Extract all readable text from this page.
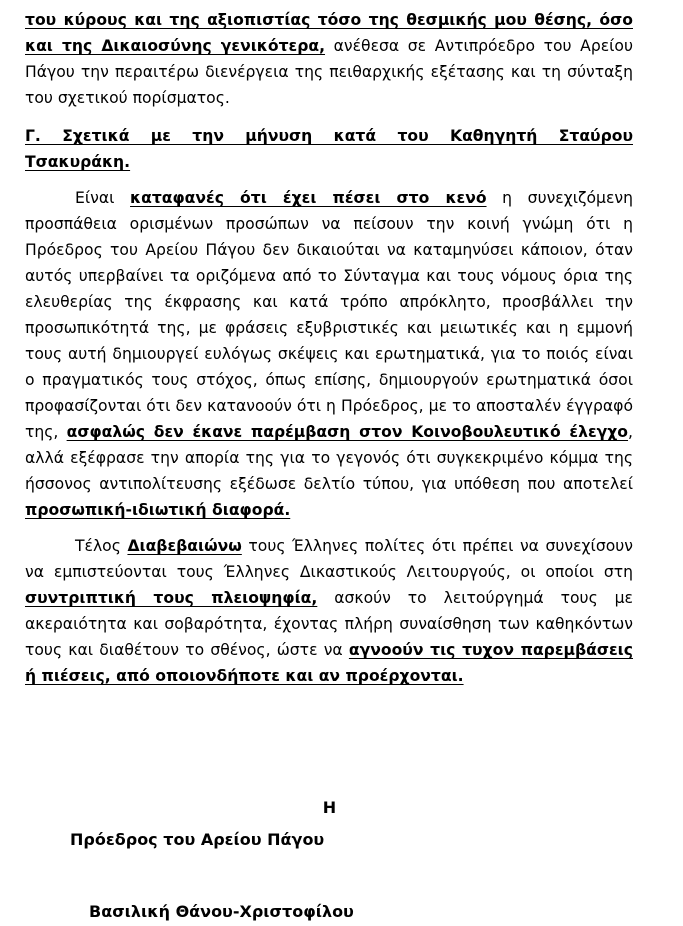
του κύρους και της αξιοπιστίας τόσο της θεσμικής μου θέσης, όσο και της Δικαιοσύνης γενικότερα, ανέθεσα σε Αντιπρόεδρο του Αρείου Πάγου την περαιτέρω διενέργεια της πειθαρχικής εξέτασης και τη σύνταξη του σχετικού πορίσματος.

Γ. Σχετικά με την μήνυση κατά του Καθηγητή Σταύρου Τσακυράκη.

Είναι καταφανές ότι έχει πέσει στο κενό η συνεχιζόμενη προσπάθεια ορισμένων προσώπων να πείσουν την κοινή γνώμη ότι η Πρόεδρος του Αρείου Πάγου δεν δικαιούται να καταμηνύσει κάποιον, όταν αυτός υπερβαίνει τα οριζόμενα από το Σύνταγμα και τους νόμους όρια της ελευθερίας της έκφρασης και κατά τρόπο απρόκλητο, προσβάλλει την προσωπικότητά της, με φράσεις εξυβριστικές και μειωτικές και η εμμονή τους αυτή δημιουργεί ευλόγως σκέψεις και ερωτηματικά, για το ποιός είναι ο πραγματικός τους στόχος, όπως επίσης, δημιουργούν ερωτηματικά όσοι προφασίζονται ότι δεν κατανοούν ότι η Πρόεδρος, με το αποσταλέν έγγραφό της, ασφαλώς δεν έκανε παρέμβαση στον Κοινοβουλευτικό έλεγχο, αλλά εξέφρασε την απορία της για το γεγονός ότι συγκεκριμένο κόμμα της ήσσονος αντιπολίτευσης εξέδωσε δελτίο τύπου, για υπόθεση που αποτελεί προσωπική-ιδιωτική διαφορά.

Τέλος Διαβεβαιώνω τους Έλληνες πολίτες ότι πρέπει να συνεχίσουν να εμπιστεύονται τους Έλληνες Δικαστικούς Λειτουργούς, οι οποίοι στη συντριπτική τους πλειοψηφία, ασκούν το λειτούργημά τους με ακεραιότητα και σοβαρότητα, έχοντας πλήρη συναίσθηση των καθηκόντων τους και διαθέτουν το σθένος, ώστε να αγνοούν τις τυχον παρεμβάσεις ή πιέσεις, από οποιονδήποτε και αν προέρχονται.

Η
Πρόεδρος του Αρείου Πάγου
Βασιλική Θάνου-Χριστοφίλου
